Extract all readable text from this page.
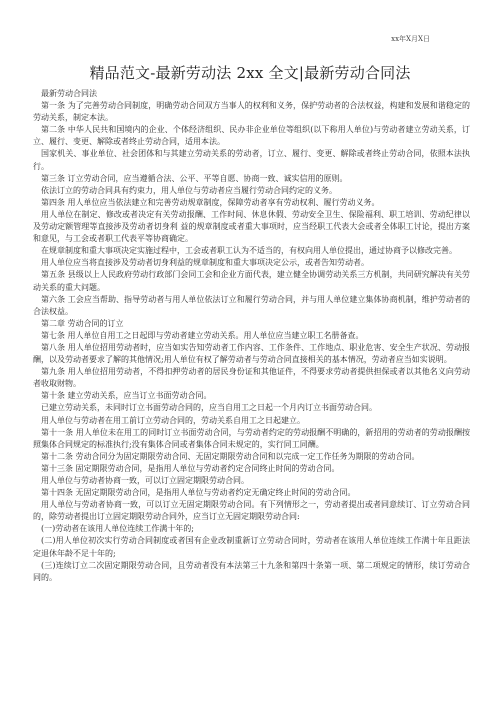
xx年X月X日
精品范文-最新劳动法 2xx 全文|最新劳动合同法

最新劳动合同法

第一条 为了完善劳动合同制度，明确劳动合同双方当事人的权利和义务，保护劳动者的合法权益，构建和发展和谐稳定的劳动关系，制定本法。

第二条 中华人民共和国境内的企业、个体经济组织、民办非企业单位等组织(以下称用人单位)与劳动者建立劳动关系，订立、履行、变更、解除或者终止劳动合同，适用本法。

国家机关、事业单位、社会团体和与其建立劳动关系的劳动者，订立、履行、变更、解除或者终止劳动合同，依照本法执行。

第三条 订立劳动合同，应当遵循合法、公平、平等自愿、协商一致、诚实信用的原则。

依法订立的劳动合同具有约束力，用人单位与劳动者应当履行劳动合同约定的义务。

第四条 用人单位应当依法建立和完善劳动规章制度，保障劳动者享有劳动权利、履行劳动义务。

用人单位在制定、修改或者决定有关劳动报酬、工作时间、休息休假、劳动安全卫生、保险福利、职工培训、劳动纪律以及劳动定额管理等直接涉及劳动者切身利 益的规章制度或者重大事项时，应当经职工代表大会或者全体职工讨论，提出方案和意见，与工会或者职工代表平等协商确定。

在规章制度和重大事项决定实施过程中，工会或者职工认为不适当的，有权向用人单位提出，通过协商予以修改完善。

用人单位应当将直接涉及劳动者切身利益的规章制度和重大事项决定公示，或者告知劳动者。

第五条 县级以上人民政府劳动行政部门会同工会和企业方面代表，建立健全协调劳动关系三方机制，共同研究解决有关劳动关系的重大问题。

第六条 工会应当帮助、指导劳动者与用人单位依法订立和履行劳动合同，并与用人单位建立集体协商机制，维护劳动者的合法权益。

第二章 劳动合同的订立

第七条 用人单位自用工之日起即与劳动者建立劳动关系。用人单位应当建立职工名册备查。

第八条 用人单位招用劳动者时，应当如实告知劳动者工作内容、工作条件、工作地点、职业危害、安全生产状况、劳动报酬，以及劳动者要求了解的其他情况;用人单位有权了解劳动者与劳动合同直接相关的基本情况，劳动者应当如实说明。

第九条 用人单位招用劳动者，不得扣押劳动者的居民身份证和其他证件，不得要求劳动者提供担保或者以其他名义向劳动者收取财物。

第十条 建立劳动关系，应当订立书面劳动合同。

已建立劳动关系，未同时订立书面劳动合同的，应当自用工之日起一个月内订立书面劳动合同。

用人单位与劳动者在用工前订立劳动合同的，劳动关系自用工之日起建立。

第十一条 用人单位未在用工的同时订立书面劳动合同，与劳动者约定的劳动报酬不明确的，新招用的劳动者的劳动报酬按照集体合同规定的标准执行;没有集体合同或者集体合同未规定的，实行同工同酬。

第十二条 劳动合同分为固定期限劳动合同、无固定期限劳动合同和以完成一定工作任务为期限的劳动合同。

第十三条 固定期限劳动合同，是指用人单位与劳动者约定合同终止时间的劳动合同。

用人单位与劳动者协商一致，可以订立固定期限劳动合同。

第十四条 无固定期限劳动合同，是指用人单位与劳动者约定无确定终止时间的劳动合同。

用人单位与劳动者协商一致，可以订立无固定期限劳动合同。有下列情形之一，劳动者提出或者同意续订、订立劳动合同的，除劳动者提出订立固定期限劳动合同外，应当订立无固定期限劳动合同:

(一)劳动者在该用人单位连续工作满十年的;

(二)用人单位初次实行劳动合同制度或者国有企业改制重新订立劳动合同时，劳动者在该用人单位连续工作满十年且距法定退休年龄不足十年的;

(三)连续订立二次固定期限劳动合同，且劳动者没有本法第三十九条和第四十条第一项、第二项规定的情形，续订劳动合同的。
